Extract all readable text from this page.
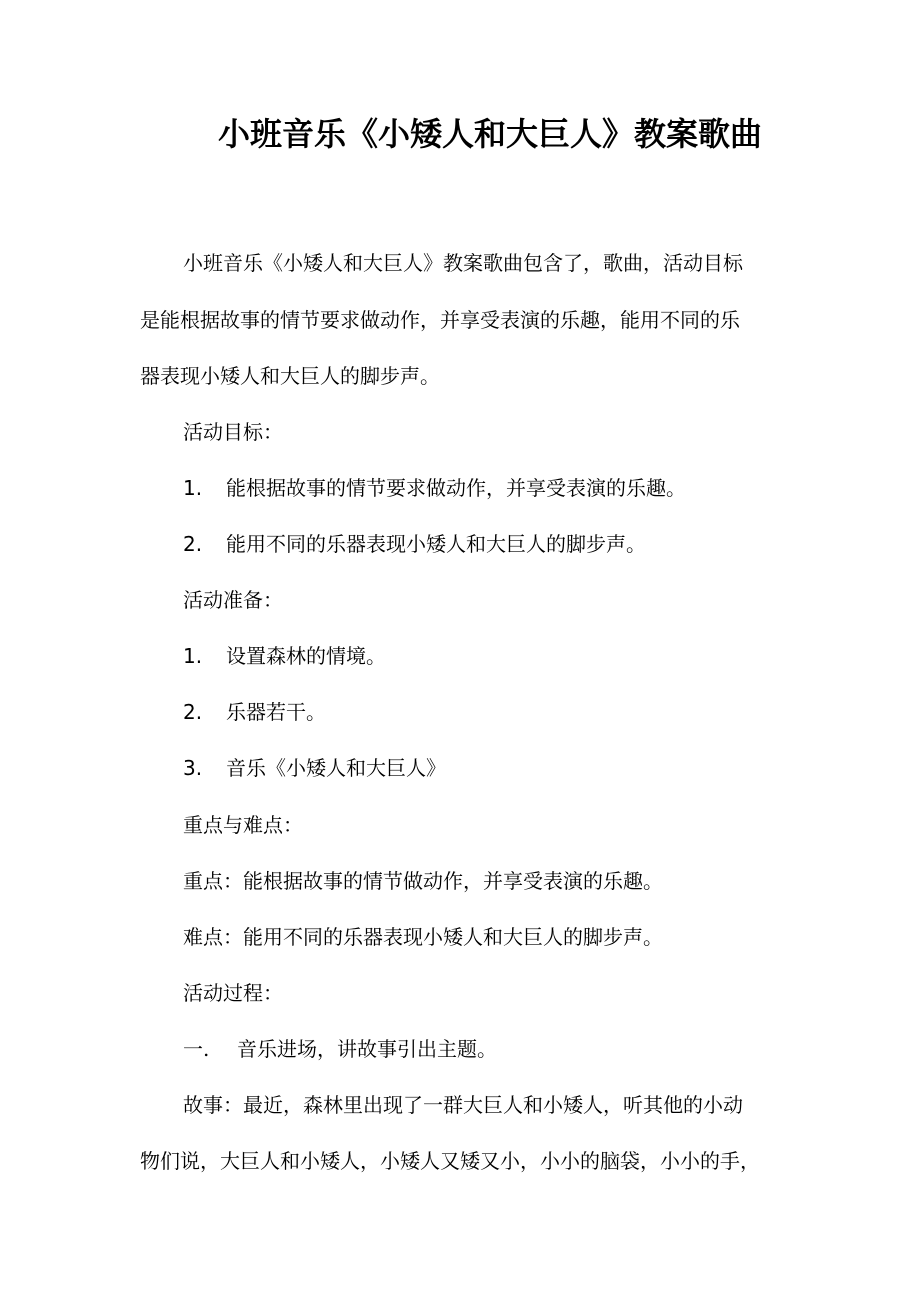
小班音乐《小矮人和大巨人》教案歌曲
小班音乐《小矮人和大巨人》教案歌曲包含了，歌曲，活动目标
是能根据故事的情节要求做动作，并享受表演的乐趣，能用不同的乐
器表现小矮人和大巨人的脚步声。
活动目标：
1. 能根据故事的情节要求做动作，并享受表演的乐趣。
2. 能用不同的乐器表现小矮人和大巨人的脚步声。
活动准备：
1. 设置森林的情境。
2. 乐器若干。
3. 音乐《小矮人和大巨人》
重点与难点：
重点：能根据故事的情节做动作，并享受表演的乐趣。
难点：能用不同的乐器表现小矮人和大巨人的脚步声。
活动过程：
一. 音乐进场，讲故事引出主题。
故事：最近，森林里出现了一群大巨人和小矮人，听其他的小动
物们说，大巨人和小矮人，小矮人又矮又小，小小的脑袋，小小的手，
